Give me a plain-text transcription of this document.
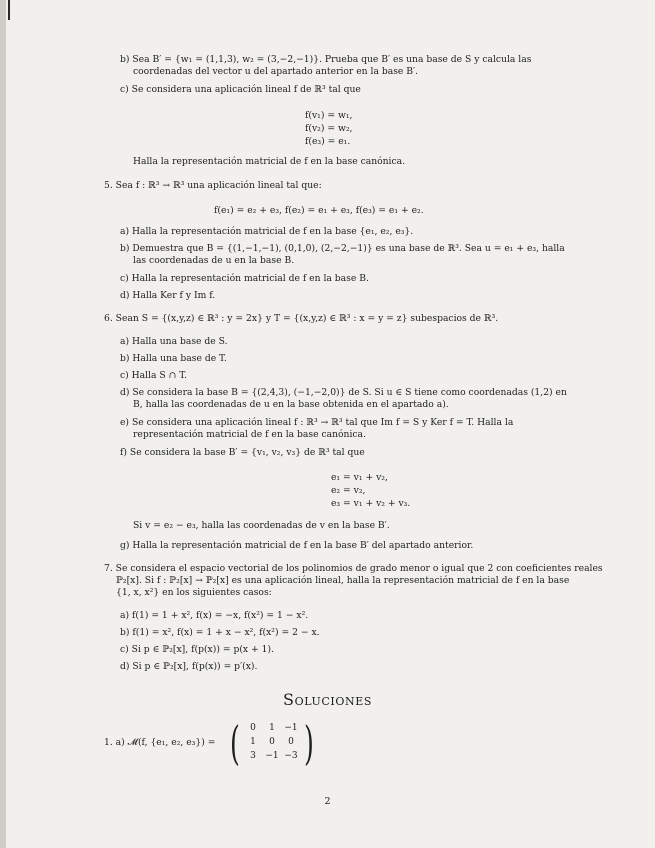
b) Sea B′ = {w₁ = (1,1,3), w₂ = (3,−2,−1)}. Prueba que B′ es una base de S y calcula las
coordenadas del vector u del apartado anterior en la base B′.
c) Se considera una aplicación lineal f de ℝ³ tal que
f(v₁) = w₁,
f(v₂) = w₂,
f(e₃) = e₁.
Halla la representación matricial de f en la base canónica.
5. Sea f : ℝ³ → ℝ³ una aplicación lineal tal que:
f(e₁) = e₂ + e₃, f(e₂) = e₁ + e₃, f(e₃) = e₁ + e₂.
a) Halla la representación matricial de f en la base {e₁, e₂, e₃}.
b) Demuestra que B = {(1,−1,−1), (0,1,0), (2,−2,−1)} es una base de ℝ³. Sea u = e₁ + e₃, halla
las coordenadas de u en la base B.
c) Halla la representación matricial de f en la base B.
d) Halla Ker f y Im f.
6. Sean S = {(x,y,z) ∈ ℝ³ : y = 2x} y T = {(x,y,z) ∈ ℝ³ : x = y = z} subespacios de ℝ³.
a) Halla una base de S.
b) Halla una base de T.
c) Halla S ∩ T.
d) Se considera la base B = {(2,4,3), (−1,−2,0)} de S. Si u ∈ S tiene como coordenadas (1,2) en
B, halla las coordenadas de u en la base obtenida en el apartado a).
e) Se considera una aplicación lineal f : ℝ³ → ℝ³ tal que Im f = S y Ker f = T. Halla la
representación matricial de f en la base canónica.
f) Se considera la base B′ = {v₁, v₂, v₃} de ℝ³ tal que
e₁ = v₁ + v₂,
e₂ = v₂,
e₃ = v₁ + v₂ + v₃.
Si v = e₂ − e₃, halla las coordenadas de v en la base B′.
g) Halla la representación matricial de f en la base B′ del apartado anterior.
7. Se considera el espacio vectorial de los polinomios de grado menor o igual que 2 con coeficientes reales
ℙ₂[x]. Si f : ℙ₂[x] → ℙ₂[x] es una aplicación lineal, halla la representación matricial de f en la base
{1, x, x²} en los siguientes casos:
a) f(1) = 1 + x², f(x) = −x, f(x²) = 1 − x².
b) f(1) = x², f(x) = 1 + x − x², f(x²) = 2 − x.
c) Si p ∈ ℙ₂[x], f(p(x)) = p(x + 1).
d) Si p ∈ ℙ₂[x], f(p(x)) = p′(x).
Soluciones
1. a) 𝓜(f, {e₁, e₂, e₃}) = (	0	1	−1
1	0	0
3	−1 −3 )
2
